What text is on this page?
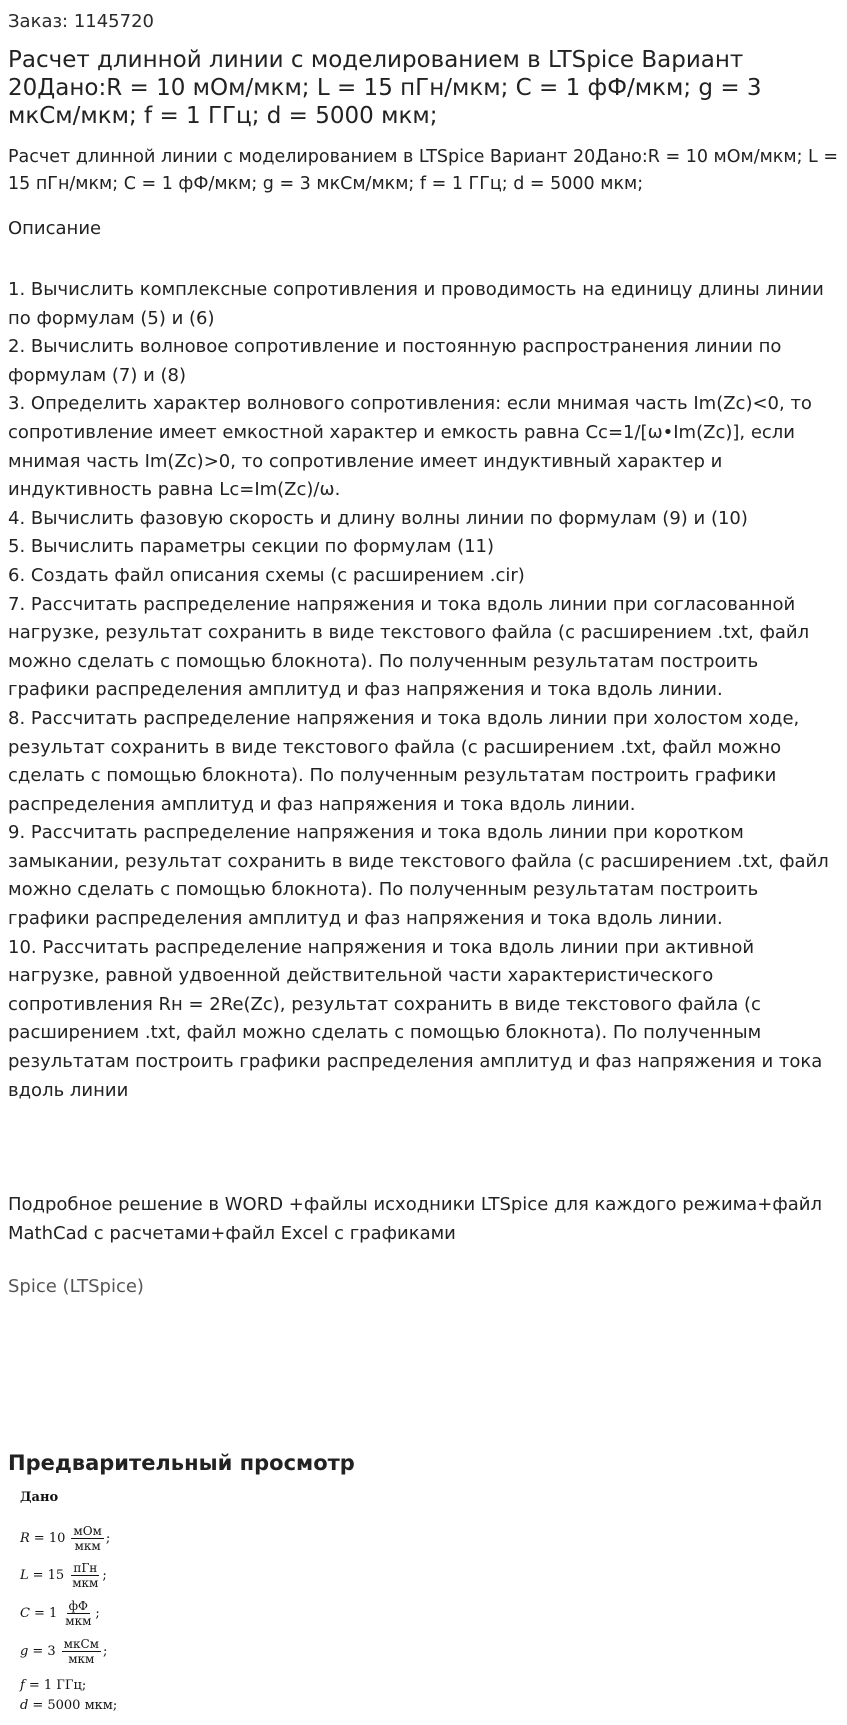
Заказ: 1145720
Расчет длинной линии с моделированием в LTSpice Вариант 20Дано:R = 10 мОм/мкм; L = 15 пГн/мкм; C = 1 фФ/мкм; g = 3 мкСм/мкм; f = 1 ГГц; d = 5000 мкм;

Расчет длинной линии с моделированием в LTSpice Вариант 20Дано:R = 10 мОм/мкм; L = 15 пГн/мкм; C = 1 фФ/мкм; g = 3 мкСм/мкм; f = 1 ГГц; d = 5000 мкм;

Описание

1. Вычислить комплексные сопротивления и проводимость на единицу длины линии по формулам (5) и (6)

2. Вычислить волновое сопротивление и постоянную распространения линии по формулам (7) и (8)

3. Определить характер волнового сопротивления: если мнимая часть Im(Zc)<0, то сопротивление имеет емкостной характер и емкость равна Cc=1/[ω•Im(Zc)], если мнимая часть Im(Zc)>0, то сопротивление имеет индуктивный характер и индуктивность равна Lc=Im(Zc)/ω.

4. Вычислить фазовую скорость и длину волны линии по формулам (9) и (10)

5. Вычислить параметры секции по формулам (11)

6. Создать файл описания схемы (с расширением .cir)

7. Рассчитать распределение напряжения и тока вдоль линии при согласованной нагрузке, результат сохранить в виде текстового файла (с расширением .txt, файл можно сделать с помощью блокнота). По полученным результатам построить графики распределения амплитуд и фаз напряжения и тока вдоль линии.

8. Рассчитать распределение напряжения и тока вдоль линии при холостом ходе, результат сохранить в виде текстового файла (с расширением .txt, файл можно сделать с помощью блокнота). По полученным результатам построить графики распределения амплитуд и фаз напряжения и тока вдоль линии.

9. Рассчитать распределение напряжения и тока вдоль линии при коротком замыкании, результат сохранить в виде текстового файла (с расширением .txt, файл можно сделать с помощью блокнота). По полученным результатам построить графики распределения амплитуд и фаз напряжения и тока вдоль линии.

10. Рассчитать распределение напряжения и тока вдоль линии при активной нагрузке, равной удвоенной действительной части характеристического сопротивления Rн = 2Re(Zc), результат сохранить в виде текстового файла (с расширением .txt, файл можно сделать с помощью блокнота). По полученным результатам построить графики распределения амплитуд и фаз напряжения и тока вдоль линии

Подробное решение в WORD +файлы исходники LTSpice для каждого режима+файл MathCad с расчетами+файл Excel с графиками

Spice (LTSpice)
Предварительный просмотр
Дано
$R = 10 \frac{\text{мОм}}{\text{мкм}}$ ;
$L = 15 \frac{\text{пГн}}{\text{мкм}}$ ;
$C = 1 \frac{фФ}{\text{мкм}}$ ;
$g = 3 \frac{\text{мкСм}}{\text{мкм}}$ ;
f = 1 ГГц;
d = 5000 мкм;
